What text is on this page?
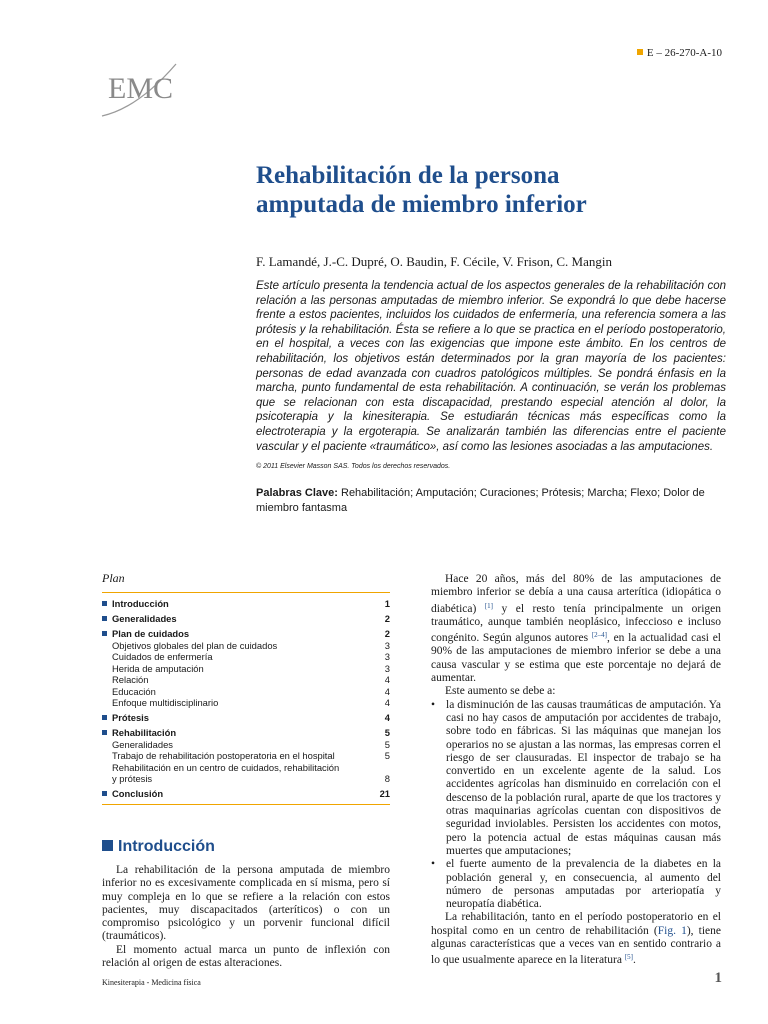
E – 26-270-A-10
EMC
Rehabilitación de la persona
amputada de miembro inferior
F. Lamandé, J.-C. Dupré, O. Baudin, F. Cécile, V. Frison, C. Mangin

Este artículo presenta la tendencia actual de los aspectos generales de la rehabilitación con relación a las personas amputadas de miembro inferior. Se expondrá lo que debe hacerse frente a estos pacientes, incluidos los cuidados de enfermería, una referencia somera a las prótesis y la rehabilitación. Ésta se refiere a lo que se practica en el período postoperatorio, en el hospital, a veces con las exigencias que impone este ámbito. En los centros de rehabilitación, los objetivos están determinados por la gran mayoría de los pacientes: personas de edad avanzada con cuadros patológicos múltiples. Se pondrá énfasis en la marcha, punto fundamental de esta rehabilitación. A continuación, se verán los problemas que se relacionan con esta discapacidad, prestando especial atención al dolor, la psicoterapia y la kinesiterapia. Se estudiarán técnicas más específicas como la electroterapia y la ergoterapia. Se analizarán también las diferencias entre el paciente vascular y el paciente «traumático», así como las lesiones asociadas a las amputaciones.

© 2011 Elsevier Masson SAS. Todos los derechos reservados.
Palabras Clave: Rehabilitación; Amputación; Curaciones; Prótesis; Marcha; Flexo; Dolor de miembro fantasma
Plan
Introducción	1
Generalidades	2
Plan de cuidados	2
Objetivos globales del plan de cuidados	3
Cuidados de enfermería	3
Herida de amputación	3
Relación	4
Educación	4
Enfoque multidisciplinario	4
Prótesis	4
Rehabilitación	5
Generalidades	5
Trabajo de rehabilitación postoperatoria en el hospital	5
Rehabilitación en un centro de cuidados, rehabilitación
y prótesis	8
Conclusión	21
Introducción

La rehabilitación de la persona amputada de miembro inferior no es excesivamente complicada en sí misma, pero sí muy compleja en lo que se refiere a la relación con estos pacientes, muy discapacitados (arteríticos) o con un compromiso psicológico y un porvenir funcional difícil (traumáticos).

El momento actual marca un punto de inflexión con relación al origen de estas alteraciones.

Hace 20 años, más del 80% de las amputaciones de miembro inferior se debía a una causa arterítica (idiopática o diabética) [1] y el resto tenía principalmente un origen traumático, aunque también neoplásico, infeccioso e incluso congénito. Según algunos autores [2–4], en la actualidad casi el 90% de las amputaciones de miembro inferior se debe a una causa vascular y se estima que este porcentaje no dejará de aumentar.

Este aumento se debe a:

• la disminución de las causas traumáticas de amputación. Ya casi no hay casos de amputación por accidentes de trabajo, sobre todo en fábricas. Si las máquinas que manejan los operarios no se ajustan a las normas, las empresas corren el riesgo de ser clausuradas. El inspector de trabajo se ha convertido en un excelente agente de la salud. Los accidentes agrícolas han disminuido en correlación con el descenso de la población rural, aparte de que los tractores y otras maquinarias agrícolas cuentan con dispositivos de seguridad inviolables. Persisten los accidentes con motos, pero la potencia actual de estas máquinas causan más muertes que amputaciones;
• el fuerte aumento de la prevalencia de la diabetes en la población general y, en consecuencia, al aumento del número de personas amputadas por arteriopatía y neuropatía diabética.

La rehabilitación, tanto en el período postoperatorio en el hospital como en un centro de rehabilitación (Fig. 1), tiene algunas características que a veces van en sentido contrario a lo que usualmente aparece en la literatura [5].

Kinesiterapia - Medicina física	1
